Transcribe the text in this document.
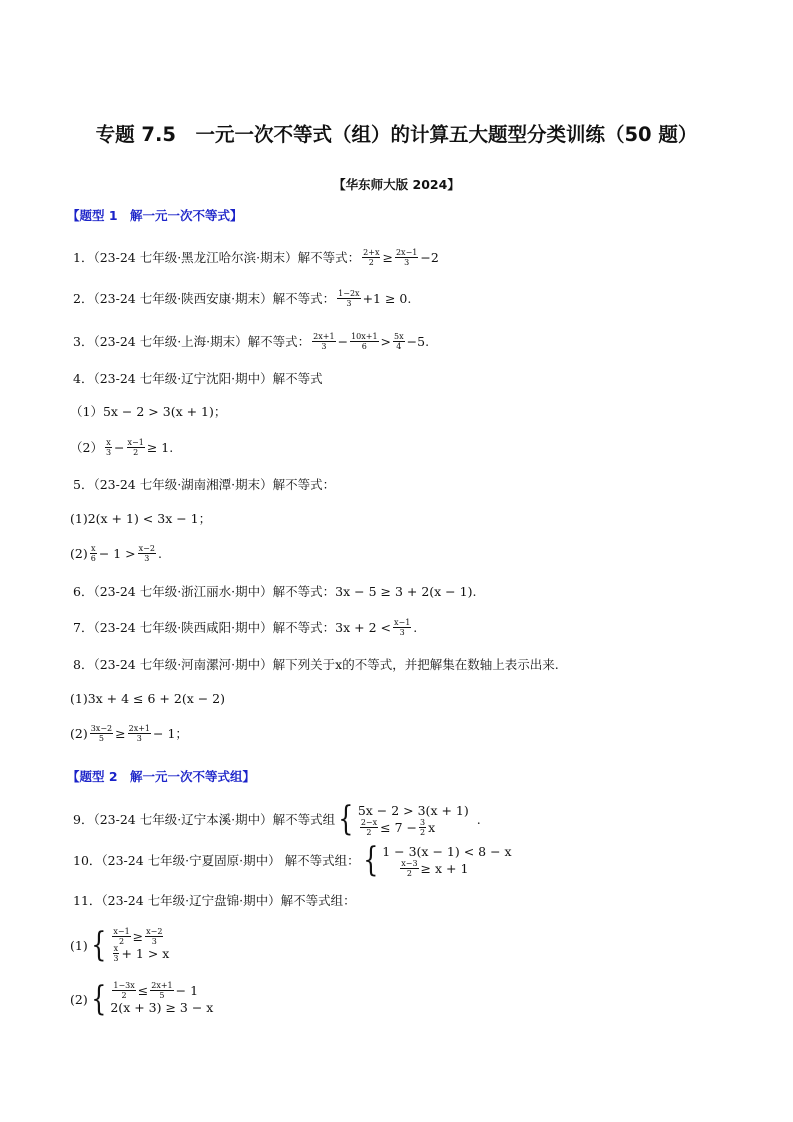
专题 7.5　一元一次不等式（组）的计算五大题型分类训练（50 题）
【华东师大版 2024】
【题型 1　解一元一次不等式】
1．（23-24 七年级·黑龙江哈尔滨·期末）解不等式： $\frac{2+x}{2} \ge \frac{2x-1}{3} -2$
2．（23-24 七年级·陕西安康·期末）解不等式： $\frac{1-2x}{3} +1 \ge 0$.
3．（23-24 七年级·上海·期末）解不等式： $\frac{2x+1}{3} - \frac{10x+1}{6} > \frac{5x}{4} -5$.
4．（23-24 七年级·辽宁沈阳·期中）解不等式
（1）5x − 2 > 3(x + 1)；
$(2) \frac{x}{3} - \frac{x-1}{2} \ge 1$.
5．（23-24 七年级·湖南湘潭·期末）解不等式：
(1)2(x + 1) < 3x − 1；
$(2) \frac{x}{6} - 1 > \frac{x-2}{3}$ .
6．（23-24 七年级·浙江丽水·期中）解不等式：3x − 5 ≥ 3 + 2(x − 1).
7．（23-24 七年级·陕西咸阳·期中）解不等式：$3x + 2 < \frac{x-1}{3}$ .
8．（23-24 七年级·河南漯河·期中）解下列关于x的不等式，并把解集在数轴上表示出来.
(1)3x + 4 ≤ 6 + 2(x − 2)
$(2) \frac{3x-2}{5} \ge \frac{2x+1}{3} - 1$；
【题型 2　解一元一次不等式组】
9．（23-24 七年级·辽宁本溪·期中）解不等式组 { 5x − 2 > 3(x + 1)
$\frac{2-x}{2} \le 7 - \frac{3}{2}$ x
.
10．（23-24 七年级·宁夏固原·期中） 解不等式组： { 1 − 3(x − 1) < 8 − x
$\frac{x-3}{2} \ge x + 1$
11．（23-24 七年级·辽宁盘锦·期中）解不等式组：
(1) { $\frac{x-1}{2} \ge \frac{x-2}{3}$
$\frac{x}{3} + 1 > x$
(2) { $\frac{1-3x}{2} \le \frac{2x+1}{5} - 1$
2(x + 3) ≥ 3 − x
